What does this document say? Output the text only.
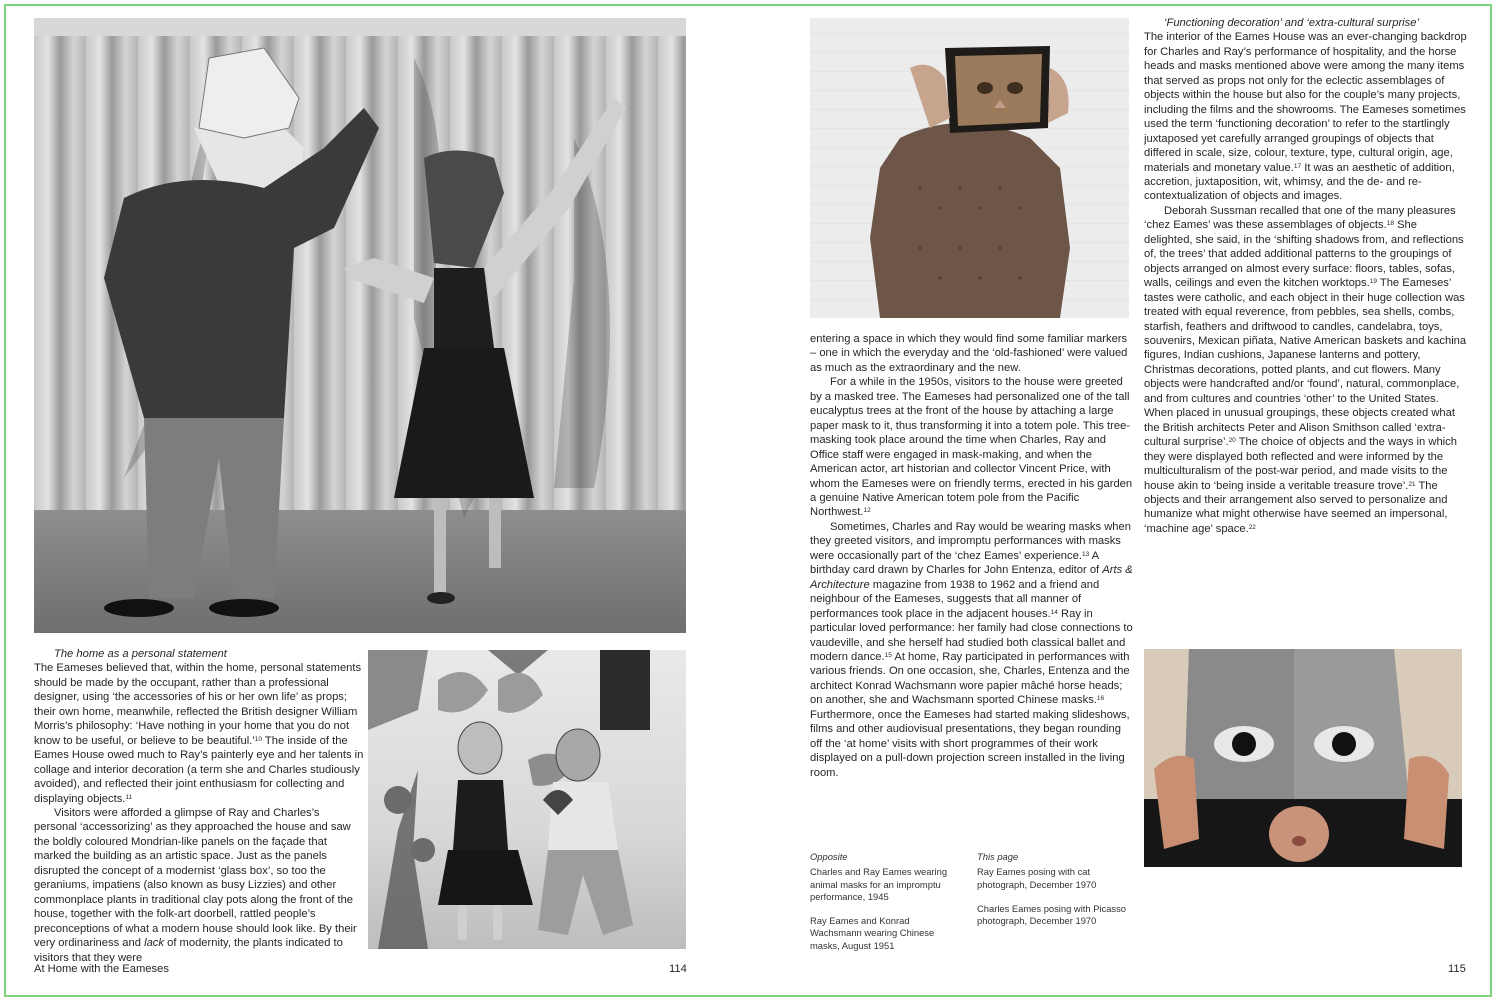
The home as a personal statement

The Eameses believed that, within the home, personal statements should be made by the occupant, rather than a professional designer, using ‘the accessories of his or her own life’ as props; their own home, meanwhile, reflected the British designer William Morris’s philosophy: ‘Have nothing in your home that you do not know to be useful, or believe to be beautiful.’$^{10}$ The inside of the Eames House owed much to Ray’s painterly eye and her talents in collage and interior decoration (a term she and Charles studiously avoided), and reflected their joint enthusiasm for collecting and displaying objects.$^{11}$

Visitors were afforded a glimpse of Ray and Charles’s personal ‘accessorizing’ as they approached the house and saw the boldly coloured Mondrian-like panels on the façade that marked the building as an artistic space. Just as the panels disrupted the concept of a modernist ‘glass box’, so too the geraniums, impatiens (also known as busy Lizzies) and other commonplace plants in traditional clay pots along the front of the house, together with the folk-art doorbell, rattled people’s preconceptions of what a modern house should look like. By their very ordinariness and lack of modernity, the plants indicated to visitors that they were

entering a space in which they would find some familiar markers – one in which the everyday and the ‘old-fashioned’ were valued as much as the extraordinary and the new.

For a while in the 1950s, visitors to the house were greeted by a masked tree. The Eameses had personalized one of the tall eucalyptus trees at the front of the house by attaching a large paper mask to it, thus transforming it into a totem pole. This tree-masking took place around the time when Charles, Ray and Office staff were engaged in mask-making, and when the American actor, art historian and collector Vincent Price, with whom the Eameses were on friendly terms, erected in his garden a genuine Native American totem pole from the Pacific Northwest.$^{12}$

Sometimes, Charles and Ray would be wearing masks when they greeted visitors, and impromptu performances with masks were occasionally part of the ‘chez Eames’ experience.$^{13}$ A birthday card drawn by Charles for John Entenza, editor of Arts & Architecture magazine from 1938 to 1962 and a friend and neighbour of the Eameses, suggests that all manner of performances took place in the adjacent houses.$^{14}$ Ray in particular loved performance: her family had close connections to vaudeville, and she herself had studied both classical ballet and modern dance.$^{15}$ At home, Ray participated in performances with various friends. On one occasion, she, Charles, Entenza and the architect Konrad Wachsmann wore papier mâché horse heads; on another, she and Wachsmann sported Chinese masks.$^{16}$ Furthermore, once the Eameses had started making slideshows, films and other audiovisual presentations, they began rounding off the ‘at home’ visits with short programmes of their work displayed on a pull-down projection screen installed in the living room.

‘Functioning decoration’ and ‘extra-cultural surprise’

The interior of the Eames House was an ever-changing backdrop for Charles and Ray’s performance of hospitality, and the horse heads and masks mentioned above were among the many items that served as props not only for the eclectic assemblages of objects within the house but also for the couple’s many projects, including the films and the showrooms. The Eameses sometimes used the term ‘functioning decoration’ to refer to the startlingly juxtaposed yet carefully arranged groupings of objects that differed in scale, size, colour, texture, type, cultural origin, age, materials and monetary value.$^{17}$ It was an aesthetic of addition, accretion, juxtaposition, wit, whimsy, and the de- and re-contextualization of objects and images.

Deborah Sussman recalled that one of the many pleasures ‘chez Eames’ was these assemblages of objects.$^{18}$ She delighted, she said, in the ‘shifting shadows from, and reflections of, the trees’ that added additional patterns to the groupings of objects arranged on almost every surface: floors, tables, sofas, walls, ceilings and even the kitchen worktops.$^{19}$ The Eameses’ tastes were catholic, and each object in their huge collection was treated with equal reverence, from pebbles, sea shells, combs, starfish, feathers and driftwood to candles, candelabra, toys, souvenirs, Mexican piñata, Native American baskets and kachina figures, Indian cushions, Japanese lanterns and pottery, Christmas decorations, potted plants, and cut flowers. Many objects were handcrafted and/or ‘found’, natural, commonplace, and from cultures and countries ‘other’ to the United States. When placed in unusual groupings, these objects created what the British architects Peter and Alison Smithson called ‘extra-cultural surprise’.$^{20}$ The choice of objects and the ways in which they were displayed both reflected and were informed by the multiculturalism of the post-war period, and made visits to the house akin to ‘being inside a veritable treasure trove’.$^{21}$ The objects and their arrangement also served to personalize and humanize what might otherwise have seemed an impersonal, ‘machine age’ space.$^{22}$

Opposite
Charles and Ray Eames wearing animal masks for an impromptu performance, 1945
Ray Eames and Konrad Wachsmann wearing Chinese masks, August 1951
This page
Ray Eames posing with cat photograph, December 1970
Charles Eames posing with Picasso photograph, December 1970
At Home with the Eameses	114	115
